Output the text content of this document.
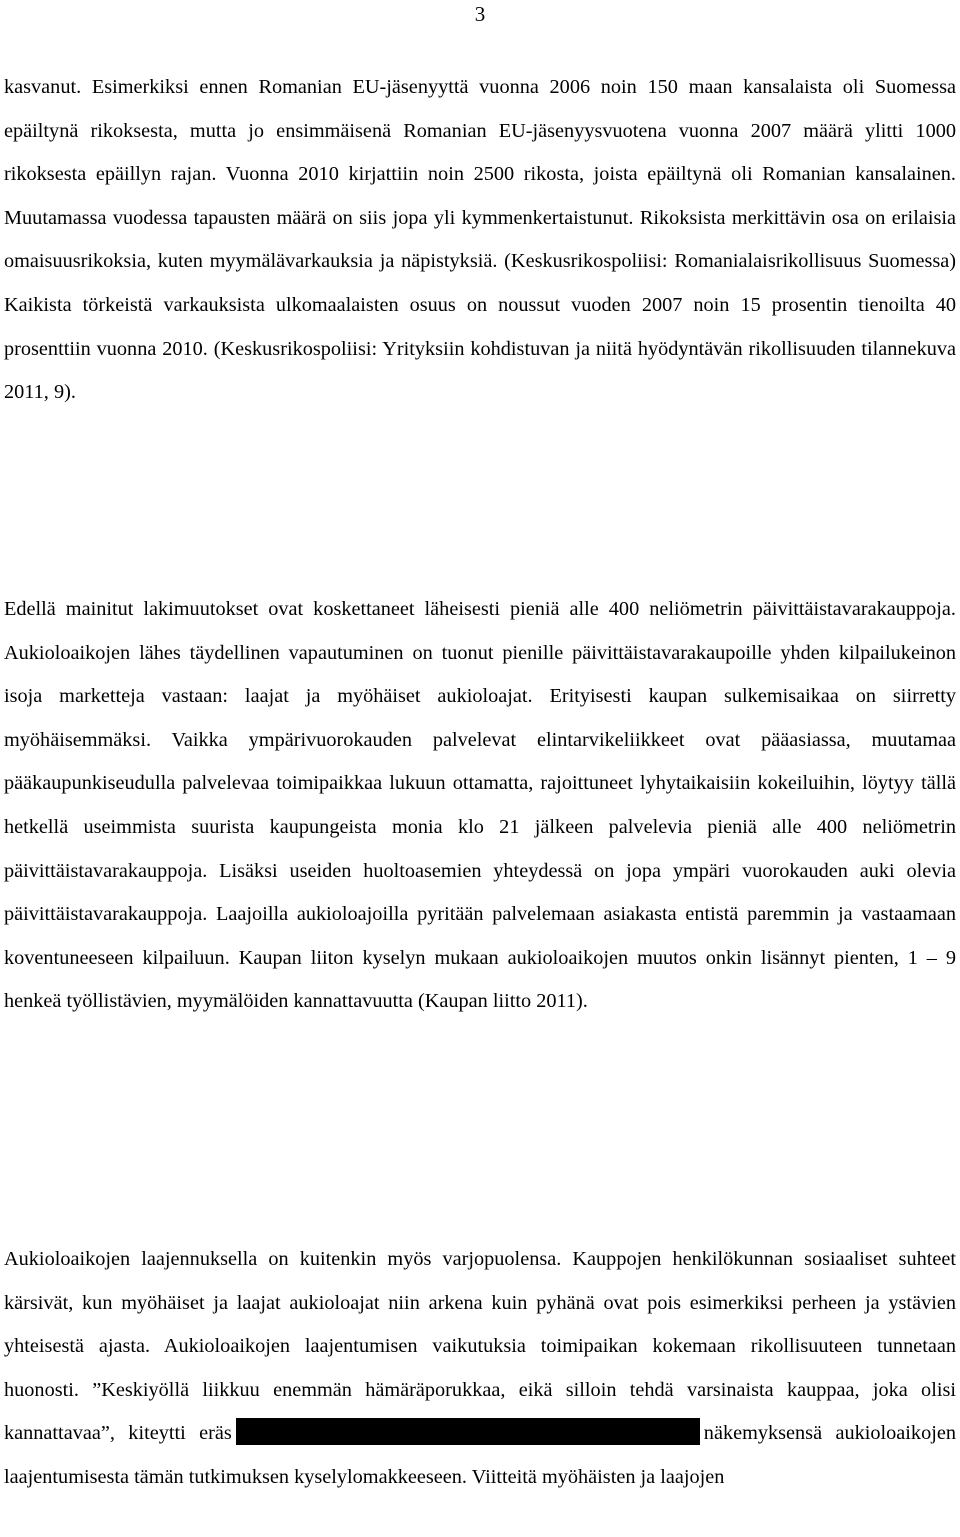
3

kasvanut. Esimerkiksi ennen Romanian EU-jäsenyyttä vuonna 2006 noin 150 maan kansalaista oli Suomessa epäiltynä rikoksesta, mutta jo ensimmäisenä Romanian EU-jäsenyysvuotena vuonna 2007 määrä ylitti 1000 rikoksesta epäillyn rajan. Vuonna 2010 kirjattiin noin 2500 rikosta, joista epäiltynä oli Romanian kansalainen. Muutamassa vuodessa tapausten määrä on siis jopa yli kymmenkertaistunut. Rikoksista merkittävin osa on erilaisia omaisuusrikoksia, kuten myymälävarkauksia ja näpistyksiä. (Keskusrikospoliisi: Romanialaisrikollisuus Suomessa) Kaikista törkeistä varkauksista ulkomaalaisten osuus on noussut vuoden 2007 noin 15 prosentin tienoilta 40 prosenttiin vuonna 2010. (Keskusrikospoliisi: Yrityksiin kohdistuvan ja niitä hyödyntävän rikollisuuden tilannekuva 2011, 9).

Edellä mainitut lakimuutokset ovat koskettaneet läheisesti pieniä alle 400 neliömetrin päivittäistavarakauppoja. Aukioloaikojen lähes täydellinen vapautuminen on tuonut pienille päivittäistavarakaupoille yhden kilpailukeinon isoja marketteja vastaan: laajat ja myöhäiset aukioloajat. Erityisesti kaupan sulkemisaikaa on siirretty myöhäisemmäksi. Vaikka ympärivuorokauden palvelevat elintarvikeliikkeet ovat pääasiassa, muutamaa pääkaupunkiseudulla palvelevaa toimipaikkaa lukuun ottamatta, rajoittuneet lyhytaikaisiin kokeiluihin, löytyy tällä hetkellä useimmista suurista kaupungeista monia klo 21 jälkeen palvelevia pieniä alle 400 neliömetrin päivittäistavarakauppoja. Lisäksi useiden huoltoasemien yhteydessä on jopa ympäri vuorokauden auki olevia päivittäistavarakauppoja. Laajoilla aukioloajoilla pyritään palvelemaan asiakasta entistä paremmin ja vastaamaan koventuneeseen kilpailuun. Kaupan liiton kyselyn mukaan aukioloaikojen muutos onkin lisännyt pienten, 1 – 9 henkeä työllistävien, myymälöiden kannattavuutta (Kaupan liitto 2011).

Aukioloaikojen laajennuksella on kuitenkin myös varjopuolensa. Kauppojen henkilökunnan sosiaaliset suhteet kärsivät, kun myöhäiset ja laajat aukioloajat niin arkena kuin pyhänä ovat pois esimerkiksi perheen ja ystävien yhteisestä ajasta. Aukioloaikojen laajentumisen vaikutuksia toimipaikan kokemaan rikollisuuteen tunnetaan huonosti. ”Keskiyöllä liikkuu enemmän hämäräporukkaa, eikä silloin tehdä varsinaista kauppaa, joka olisi kannattavaa”, kiteytti eräs	näkemyksensä aukioloaikojen laajentumisesta tämän tutkimuksen kyselylomakkeeseen. Viitteitä myöhäisten ja laajojen
